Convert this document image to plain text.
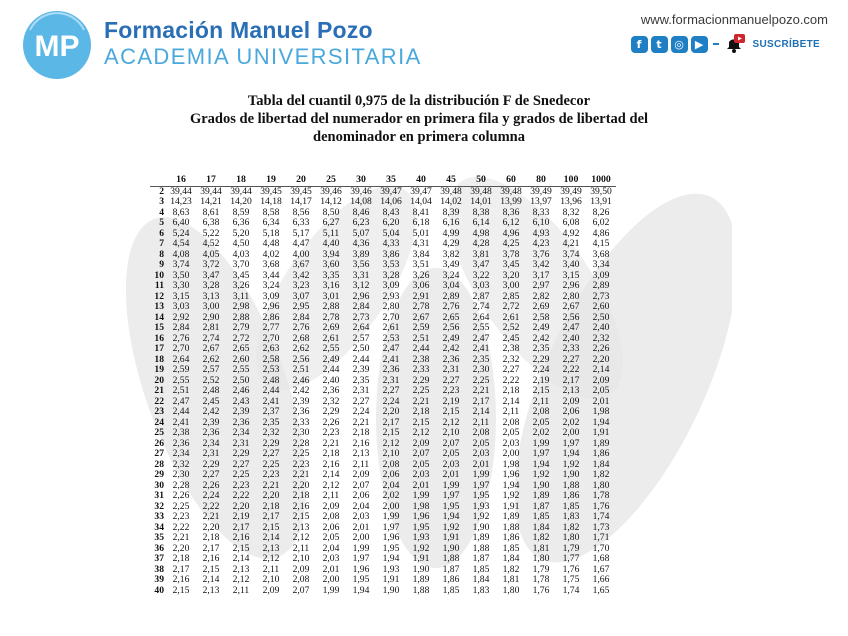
MP Formación Manuel Pozo
ACADEMIA UNIVERSITARIA
www.formacionmanuelpozo.com
f	t	◎ ▶	SUSCRÍBETE
Tabla del cuantil 0,975 de la distribución F de Snedecor
Grados de libertad del numerador en primera fila y grados de libertad del
denominador en primera columna
	16	17	18	19	20	25	30	35	40	45	50	60	80	100	1000
2	39,44	39,44	39,44	39,45	39,45	39,46	39,46	39,47	39,47	39,48	39,48	39,48	39,49	39,49	39,50
3	14,23	14,21	14,20	14,18	14,17	14,12	14,08	14,06	14,04	14,02	14,01	13,99	13,97	13,96	13,91
4	8,63	8,61	8,59	8,58	8,56	8,50	8,46	8,43	8,41	8,39	8,38	8,36	8,33	8,32	8,26
5	6,40	6,38	6,36	6,34	6,33	6,27	6,23	6,20	6,18	6,16	6,14	6,12	6,10	6,08	6,02
6	5,24	5,22	5,20	5,18	5,17	5,11	5,07	5,04	5,01	4,99	4,98	4,96	4,93	4,92	4,86
7	4,54	4,52	4,50	4,48	4,47	4,40	4,36	4,33	4,31	4,29	4,28	4,25	4,23	4,21	4,15
8	4,08	4,05	4,03	4,02	4,00	3,94	3,89	3,86	3,84	3,82	3,81	3,78	3,76	3,74	3,68
9	3,74	3,72	3,70	3,68	3,67	3,60	3,56	3,53	3,51	3,49	3,47	3,45	3,42	3,40	3,34
10	3,50	3,47	3,45	3,44	3,42	3,35	3,31	3,28	3,26	3,24	3,22	3,20	3,17	3,15	3,09
11	3,30	3,28	3,26	3,24	3,23	3,16	3,12	3,09	3,06	3,04	3,03	3,00	2,97	2,96	2,89
12	3,15	3,13	3,11	3,09	3,07	3,01	2,96	2,93	2,91	2,89	2,87	2,85	2,82	2,80	2,73
13	3,03	3,00	2,98	2,96	2,95	2,88	2,84	2,80	2,78	2,76	2,74	2,72	2,69	2,67	2,60
14	2,92	2,90	2,88	2,86	2,84	2,78	2,73	2,70	2,67	2,65	2,64	2,61	2,58	2,56	2,50
15	2,84	2,81	2,79	2,77	2,76	2,69	2,64	2,61	2,59	2,56	2,55	2,52	2,49	2,47	2,40
16	2,76	2,74	2,72	2,70	2,68	2,61	2,57	2,53	2,51	2,49	2,47	2,45	2,42	2,40	2,32
17	2,70	2,67	2,65	2,63	2,62	2,55	2,50	2,47	2,44	2,42	2,41	2,38	2,35	2,33	2,26
18	2,64	2,62	2,60	2,58	2,56	2,49	2,44	2,41	2,38	2,36	2,35	2,32	2,29	2,27	2,20
19	2,59	2,57	2,55	2,53	2,51	2,44	2,39	2,36	2,33	2,31	2,30	2,27	2,24	2,22	2,14
20	2,55	2,52	2,50	2,48	2,46	2,40	2,35	2,31	2,29	2,27	2,25	2,22	2,19	2,17	2,09
21	2,51	2,48	2,46	2,44	2,42	2,36	2,31	2,27	2,25	2,23	2,21	2,18	2,15	2,13	2,05
22	2,47	2,45	2,43	2,41	2,39	2,32	2,27	2,24	2,21	2,19	2,17	2,14	2,11	2,09	2,01
23	2,44	2,42	2,39	2,37	2,36	2,29	2,24	2,20	2,18	2,15	2,14	2,11	2,08	2,06	1,98
24	2,41	2,39	2,36	2,35	2,33	2,26	2,21	2,17	2,15	2,12	2,11	2,08	2,05	2,02	1,94
25	2,38	2,36	2,34	2,32	2,30	2,23	2,18	2,15	2,12	2,10	2,08	2,05	2,02	2,00	1,91
26	2,36	2,34	2,31	2,29	2,28	2,21	2,16	2,12	2,09	2,07	2,05	2,03	1,99	1,97	1,89
27	2,34	2,31	2,29	2,27	2,25	2,18	2,13	2,10	2,07	2,05	2,03	2,00	1,97	1,94	1,86
28	2,32	2,29	2,27	2,25	2,23	2,16	2,11	2,08	2,05	2,03	2,01	1,98	1,94	1,92	1,84
29	2,30	2,27	2,25	2,23	2,21	2,14	2,09	2,06	2,03	2,01	1,99	1,96	1,92	1,90	1,82
30	2,28	2,26	2,23	2,21	2,20	2,12	2,07	2,04	2,01	1,99	1,97	1,94	1,90	1,88	1,80
31	2,26	2,24	2,22	2,20	2,18	2,11	2,06	2,02	1,99	1,97	1,95	1,92	1,89	1,86	1,78
32	2,25	2,22	2,20	2,18	2,16	2,09	2,04	2,00	1,98	1,95	1,93	1,91	1,87	1,85	1,76
33	2,23	2,21	2,19	2,17	2,15	2,08	2,03	1,99	1,96	1,94	1,92	1,89	1,85	1,83	1,74
34	2,22	2,20	2,17	2,15	2,13	2,06	2,01	1,97	1,95	1,92	1,90	1,88	1,84	1,82	1,73
35	2,21	2,18	2,16	2,14	2,12	2,05	2,00	1,96	1,93	1,91	1,89	1,86	1,82	1,80	1,71
36	2,20	2,17	2,15	2,13	2,11	2,04	1,99	1,95	1,92	1,90	1,88	1,85	1,81	1,79	1,70
37	2,18	2,16	2,14	2,12	2,10	2,03	1,97	1,94	1,91	1,88	1,87	1,84	1,80	1,77	1,68
38	2,17	2,15	2,13	2,11	2,09	2,01	1,96	1,93	1,90	1,87	1,85	1,82	1,79	1,76	1,67
39	2,16	2,14	2,12	2,10	2,08	2,00	1,95	1,91	1,89	1,86	1,84	1,81	1,78	1,75	1,66
40	2,15	2,13	2,11	2,09	2,07	1,99	1,94	1,90	1,88	1,85	1,83	1,80	1,76	1,74	1,65
